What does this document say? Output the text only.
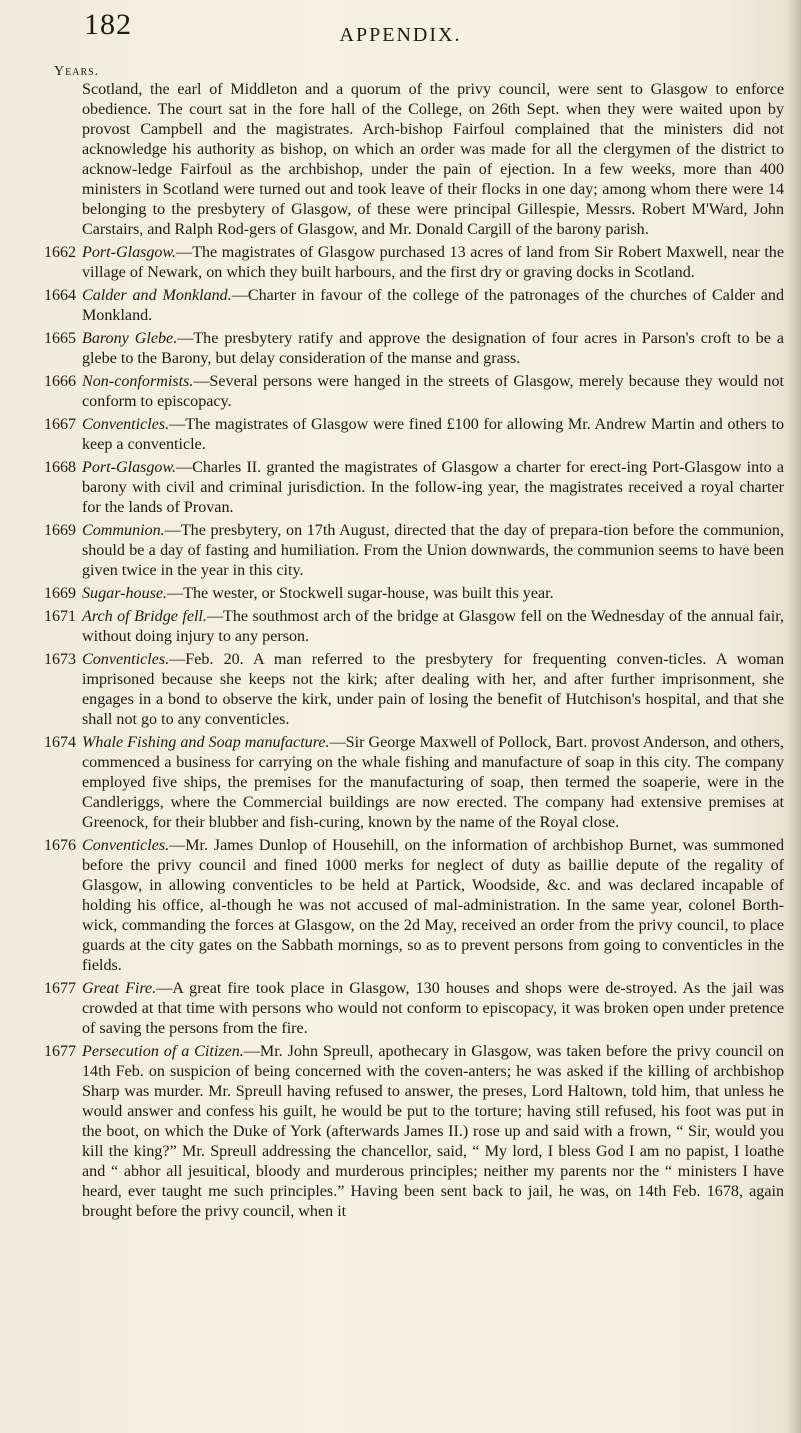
182	APPENDIX.
Years.
Scotland, the earl of Middleton and a quorum of the privy council, were sent to Glasgow to enforce obedience. The court sat in the fore hall of the College, on 26th Sept. when they were waited upon by provost Campbell and the magistrates. Arch-bishop Fairfoul complained that the ministers did not acknowledge his authority as bishop, on which an order was made for all the clergymen of the district to acknow-ledge Fairfoul as the archbishop, under the pain of ejection. In a few weeks, more than 400 ministers in Scotland were turned out and took leave of their flocks in one day; among whom there were 14 belonging to the presbytery of Glasgow, of these were principal Gillespie, Messrs. Robert M'Ward, John Carstairs, and Ralph Rod-gers of Glasgow, and Mr. Donald Cargill of the barony parish.
1662 Port-Glasgow.—The magistrates of Glasgow purchased 13 acres of land from Sir Robert Maxwell, near the village of Newark, on which they built harbours, and the first dry or graving docks in Scotland.
1664 Calder and Monkland.—Charter in favour of the college of the patronages of the churches of Calder and Monkland.
1665 Barony Glebe.—The presbytery ratify and approve the designation of four acres in Parson's croft to be a glebe to the Barony, but delay consideration of the manse and grass.
1666 Non-conformists.—Several persons were hanged in the streets of Glasgow, merely because they would not conform to episcopacy.
1667 Conventicles.—The magistrates of Glasgow were fined £100 for allowing Mr. Andrew Martin and others to keep a conventicle.
1668 Port-Glasgow.—Charles II. granted the magistrates of Glasgow a charter for erect-ing Port-Glasgow into a barony with civil and criminal jurisdiction. In the follow-ing year, the magistrates received a royal charter for the lands of Provan.
1669 Communion.—The presbytery, on 17th August, directed that the day of prepara-tion before the communion, should be a day of fasting and humiliation. From the Union downwards, the communion seems to have been given twice in the year in this city.
1669 Sugar-house.—The wester, or Stockwell sugar-house, was built this year.
1671 Arch of Bridge fell.—The southmost arch of the bridge at Glasgow fell on the Wednesday of the annual fair, without doing injury to any person.
1673 Conventicles.—Feb. 20. A man referred to the presbytery for frequenting conven-ticles. A woman imprisoned because she keeps not the kirk; after dealing with her, and after further imprisonment, she engages in a bond to observe the kirk, under pain of losing the benefit of Hutchison's hospital, and that she shall not go to any conventicles.
1674 Whale Fishing and Soap manufacture.—Sir George Maxwell of Pollock, Bart. provost Anderson, and others, commenced a business for carrying on the whale fishing and manufacture of soap in this city. The company employed five ships, the premises for the manufacturing of soap, then termed the soaperie, were in the Candleriggs, where the Commercial buildings are now erected. The company had extensive premises at Greenock, for their blubber and fish-curing, known by the name of the Royal close.
1676 Conventicles.—Mr. James Dunlop of Househill, on the information of archbishop Burnet, was summoned before the privy council and fined 1000 merks for neglect of duty as baillie depute of the regality of Glasgow, in allowing conventicles to be held at Partick, Woodside, &c. and was declared incapable of holding his office, al-though he was not accused of mal-administration. In the same year, colonel Borth-wick, commanding the forces at Glasgow, on the 2d May, received an order from the privy council, to place guards at the city gates on the Sabbath mornings, so as to prevent persons from going to conventicles in the fields.
1677 Great Fire.—A great fire took place in Glasgow, 130 houses and shops were de-stroyed. As the jail was crowded at that time with persons who would not conform to episcopacy, it was broken open under pretence of saving the persons from the fire.
1677 Persecution of a Citizen.—Mr. John Spreull, apothecary in Glasgow, was taken before the privy council on 14th Feb. on suspicion of being concerned with the coven-anters; he was asked if the killing of archbishop Sharp was murder. Mr. Spreull having refused to answer, the preses, Lord Haltown, told him, that unless he would answer and confess his guilt, he would be put to the torture; having still refused, his foot was put in the boot, on which the Duke of York (afterwards James II.) rose up and said with a frown, “ Sir, would you kill the king?” Mr. Spreull addressing the chancellor, said, “ My lord, I bless God I am no papist, I loathe and “ abhor all jesuitical, bloody and murderous principles; neither my parents nor the “ ministers I have heard, ever taught me such principles.” Having been sent back to jail, he was, on 14th Feb. 1678, again brought before the privy council, when it
